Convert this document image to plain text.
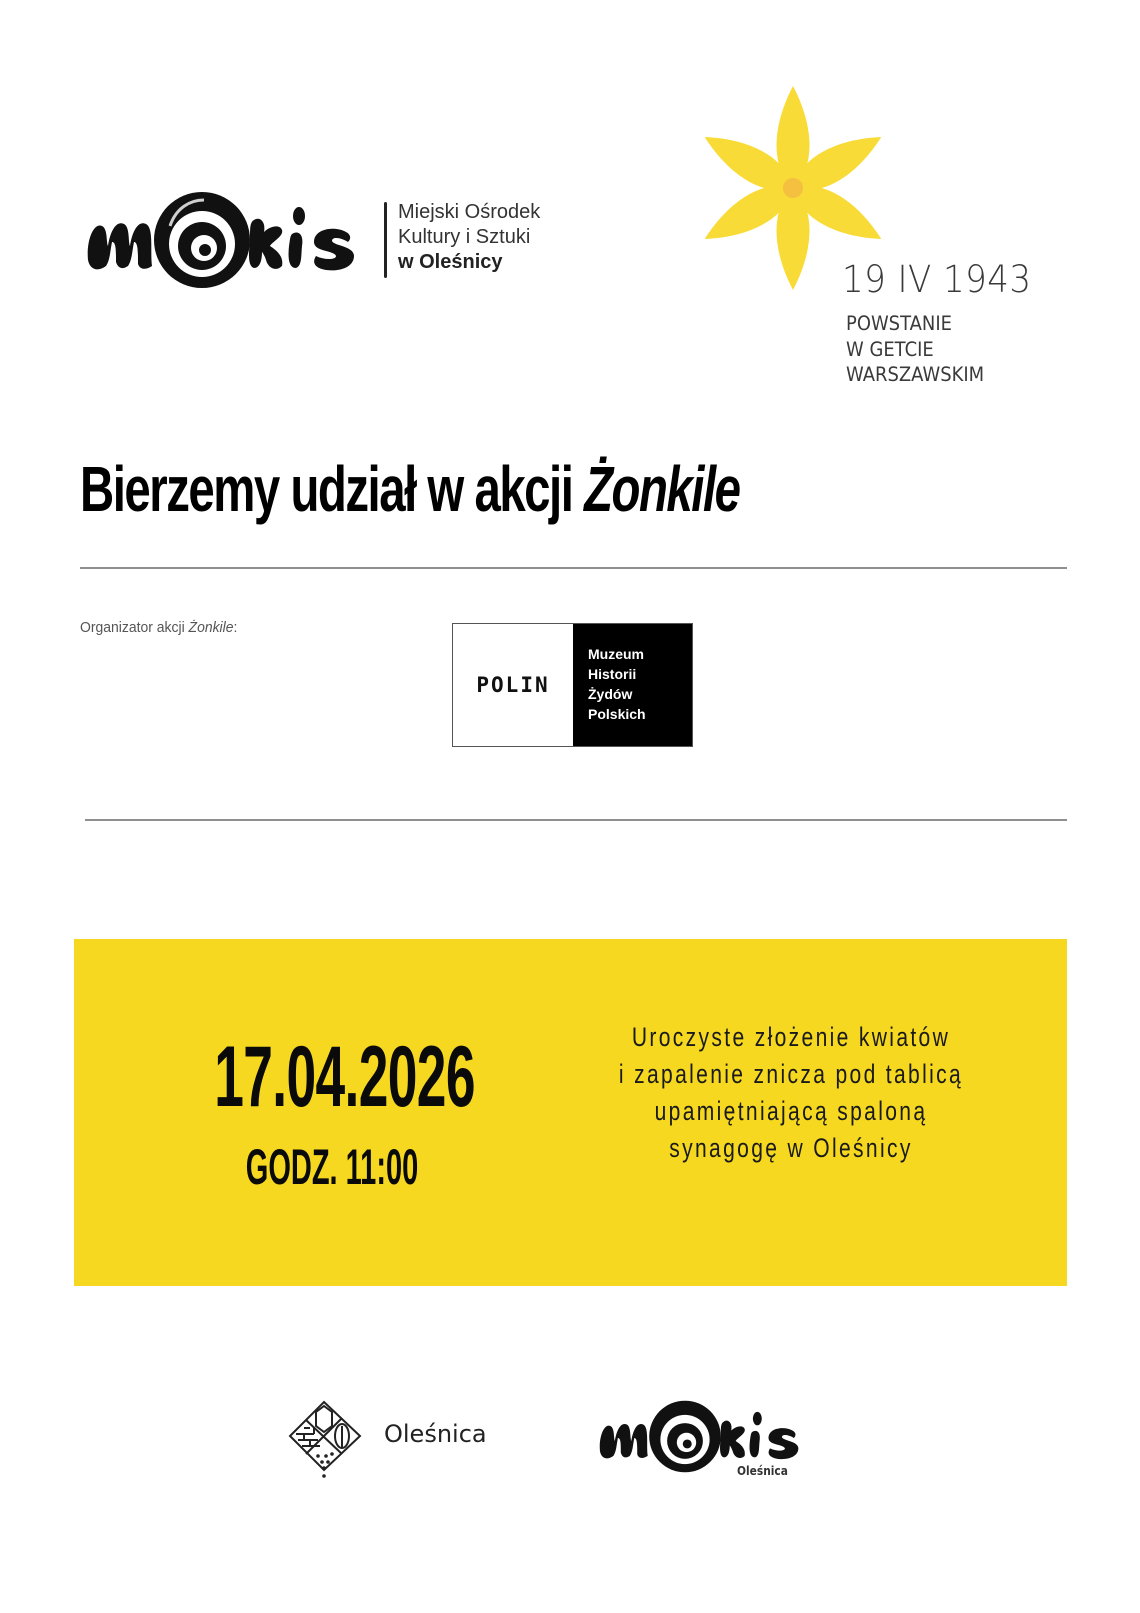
Miejski Ośrodek
Kultury i Sztuki
w Oleśnicy	19 IV 1943
POWSTANIE
W GETCIE
WARSZAWSKIM
Bierzemy udział w akcji Żonkile
Organizator akcji Żonkile:
POLIN
Muzeum
Historii
Żydów
Polskich
17.04.2026
GODZ. 11:00
Uroczyste złożenie kwiatów
i zapalenie znicza pod tablicą
upamiętniającą spaloną
synagogę w Oleśnicy
Oleśnica
Oleśnica
